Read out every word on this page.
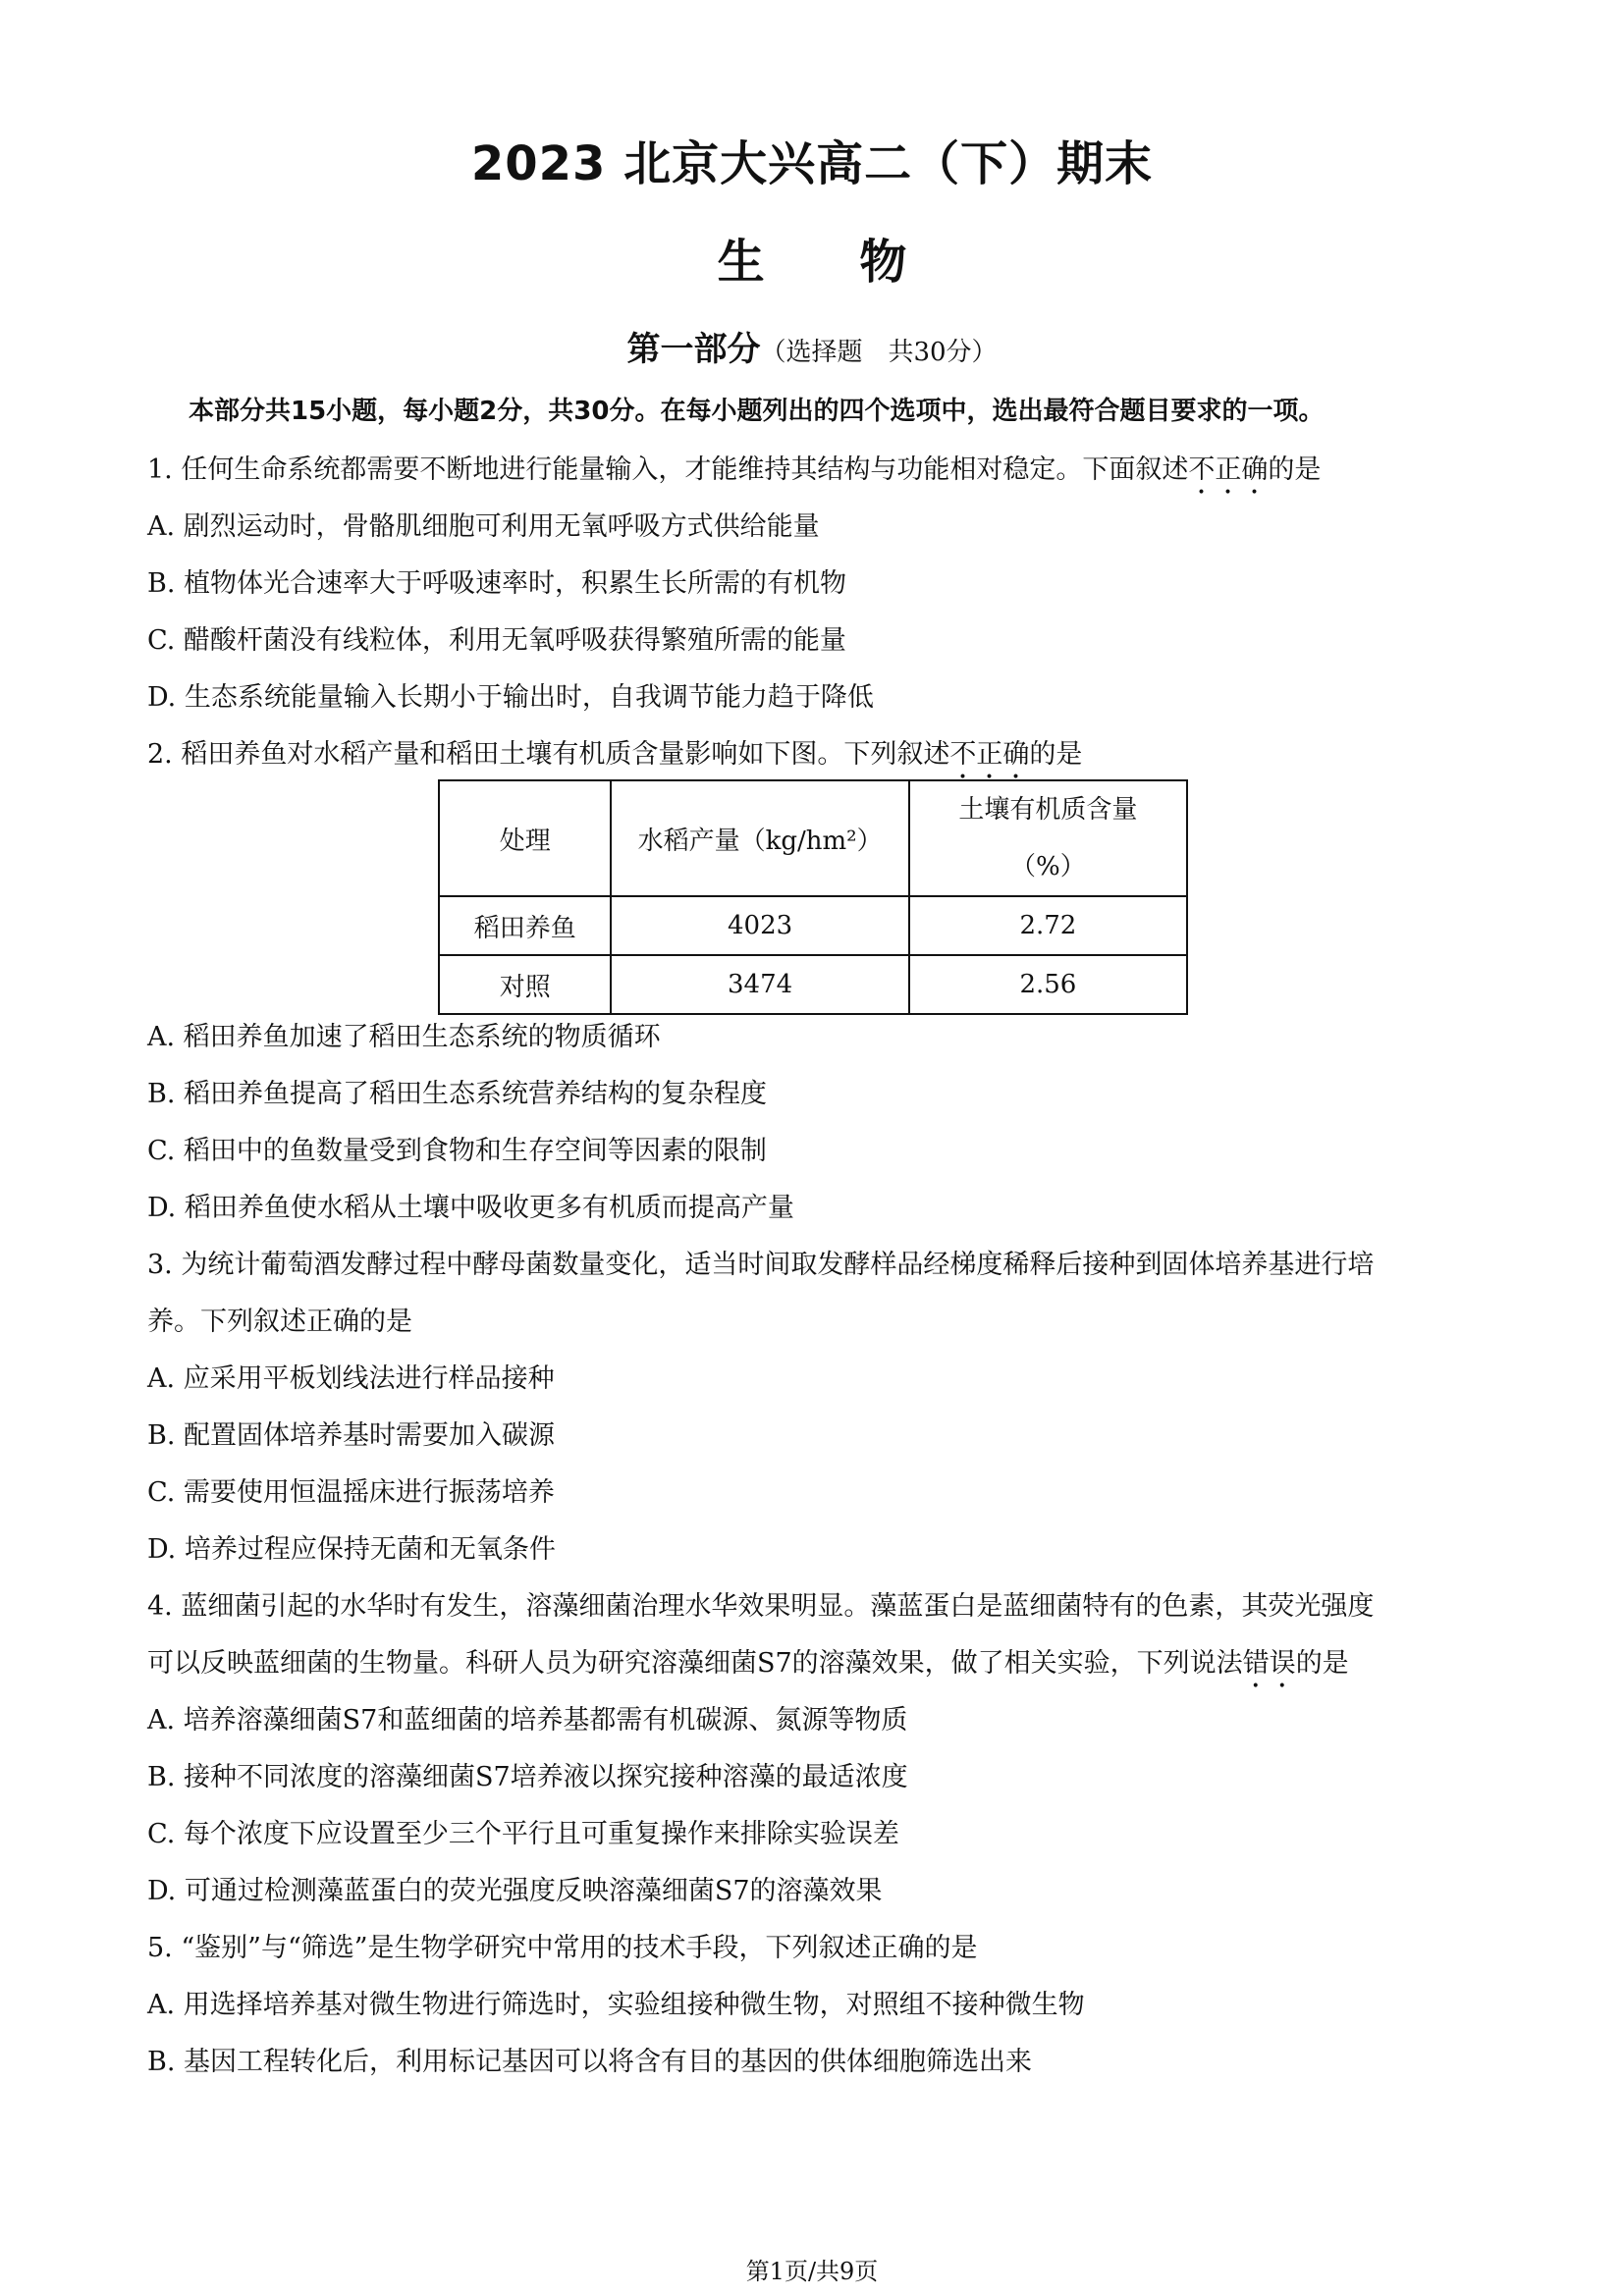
2023 北京大兴高二（下）期末
生 物
第一部分（选择题　共30分）
本部分共15小题，每小题2分，共30分。在每小题列出的四个选项中，选出最符合题目要求的一项。
1. 任何生命系统都需要不断地进行能量输入，才能维持其结构与功能相对稳定。下面叙述不正确的是
A. 剧烈运动时，骨骼肌细胞可利用无氧呼吸方式供给能量
B. 植物体光合速率大于呼吸速率时，积累生长所需的有机物
C. 醋酸杆菌没有线粒体，利用无氧呼吸获得繁殖所需的能量
D. 生态系统能量输入长期小于输出时，自我调节能力趋于降低
2. 稻田养鱼对水稻产量和稻田土壤有机质含量影响如下图。下列叙述不正确的是
处理	水稻产量（kg/hm²）	土壤有机质含量
（%）

稻田养鱼	4023	2.72
对照	3474	2.56
A. 稻田养鱼加速了稻田生态系统的物质循环
B. 稻田养鱼提高了稻田生态系统营养结构的复杂程度
C. 稻田中的鱼数量受到食物和生存空间等因素的限制
D. 稻田养鱼使水稻从土壤中吸收更多有机质而提高产量
3. 为统计葡萄酒发酵过程中酵母菌数量变化，适当时间取发酵样品经梯度稀释后接种到固体培养基进行培
养。下列叙述正确的是
A. 应采用平板划线法进行样品接种
B. 配置固体培养基时需要加入碳源
C. 需要使用恒温摇床进行振荡培养
D. 培养过程应保持无菌和无氧条件
4. 蓝细菌引起的水华时有发生，溶藻细菌治理水华效果明显。藻蓝蛋白是蓝细菌特有的色素，其荧光强度
可以反映蓝细菌的生物量。科研人员为研究溶藻细菌S7的溶藻效果，做了相关实验，下列说法错误的是
A. 培养溶藻细菌S7和蓝细菌的培养基都需有机碳源、氮源等物质
B. 接种不同浓度的溶藻细菌S7培养液以探究接种溶藻的最适浓度
C. 每个浓度下应设置至少三个平行且可重复操作来排除实验误差
D. 可通过检测藻蓝蛋白的荧光强度反映溶藻细菌S7的溶藻效果
5. “鉴别”与“筛选”是生物学研究中常用的技术手段，下列叙述正确的是
A. 用选择培养基对微生物进行筛选时，实验组接种微生物，对照组不接种微生物
B. 基因工程转化后，利用标记基因可以将含有目的基因的供体细胞筛选出来
第1页/共9页
